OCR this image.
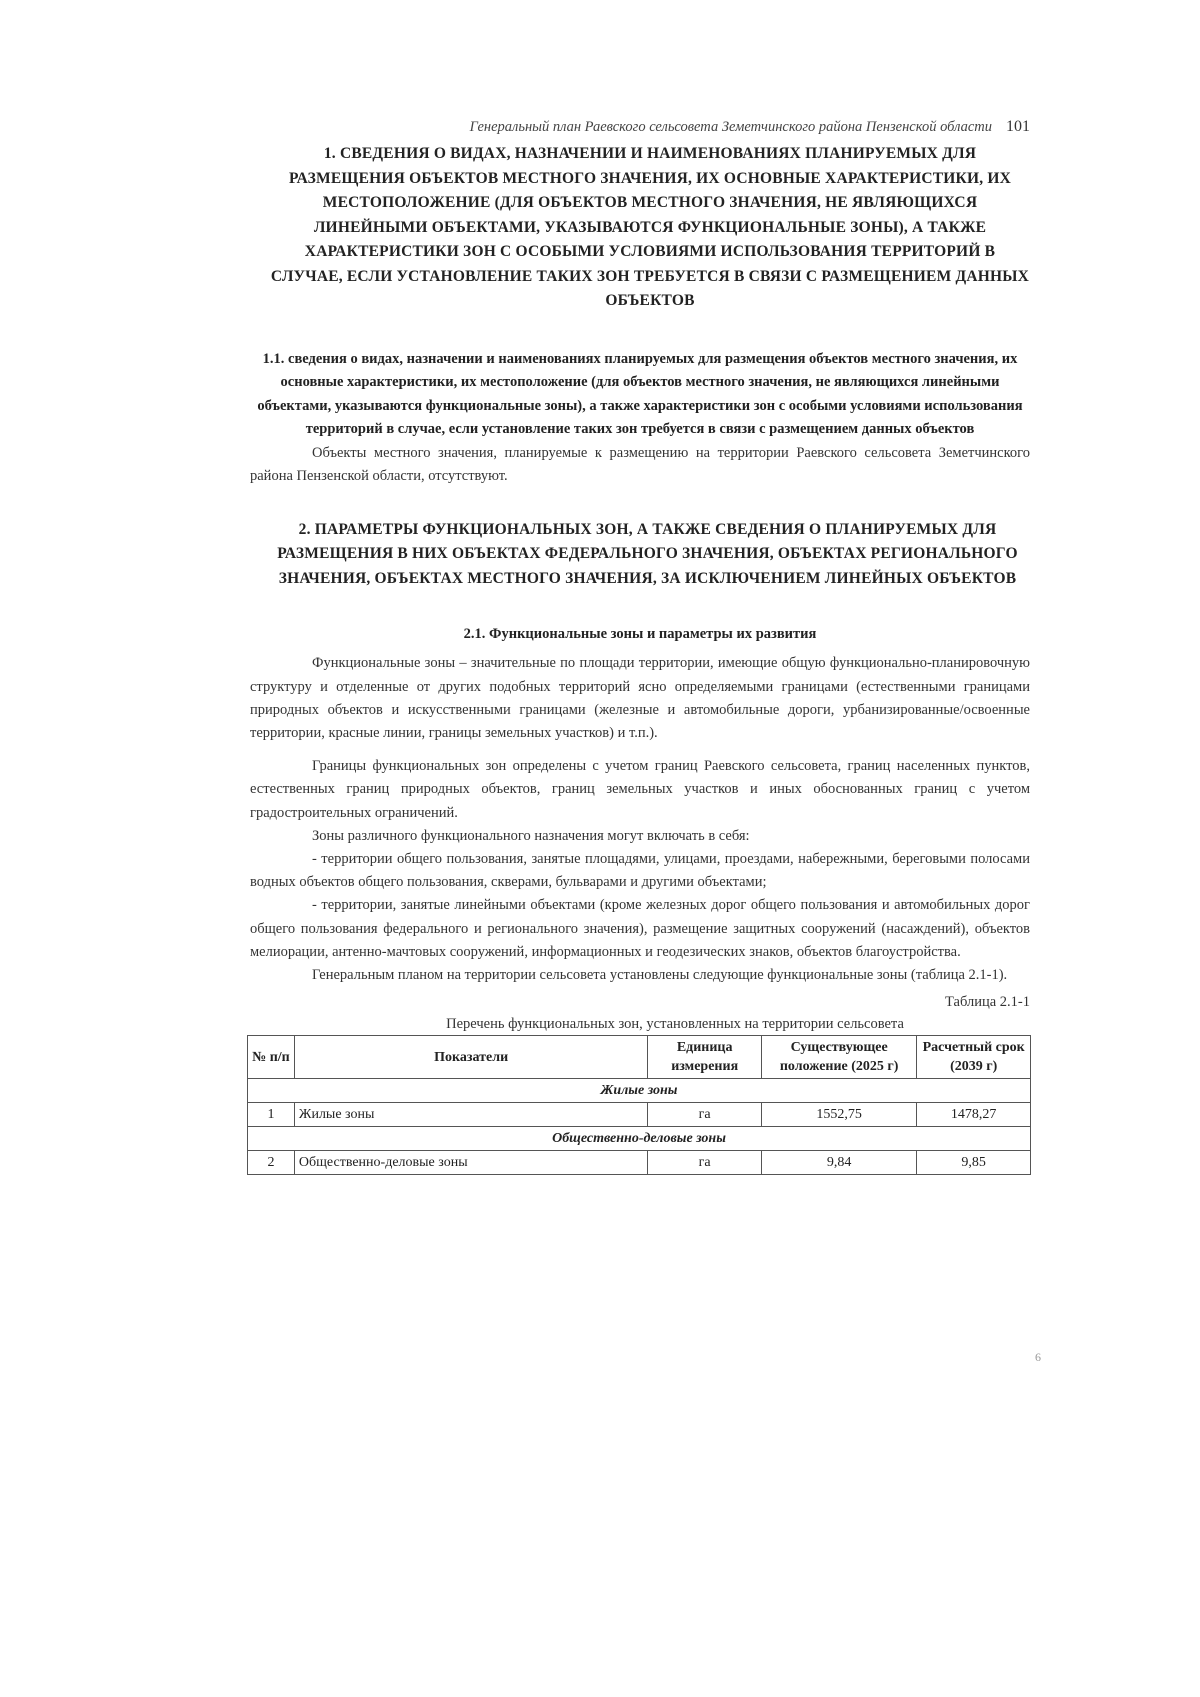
Генеральный план Раевского сельсовета Земетчинского района Пензенской области 101
1. СВЕДЕНИЯ О ВИДАХ, НАЗНАЧЕНИИ И НАИМЕНОВАНИЯХ ПЛАНИРУЕМЫХ ДЛЯ РАЗМЕЩЕНИЯ ОБЪЕКТОВ МЕСТНОГО ЗНАЧЕНИЯ, ИХ ОСНОВНЫЕ ХАРАКТЕРИСТИКИ, ИХ МЕСТОПОЛОЖЕНИЕ (ДЛЯ ОБЪЕКТОВ МЕСТНОГО ЗНАЧЕНИЯ, НЕ ЯВЛЯЮЩИХСЯ ЛИНЕЙНЫМИ ОБЪЕКТАМИ, УКАЗЫВАЮТСЯ ФУНКЦИОНАЛЬНЫЕ ЗОНЫ), А ТАКЖЕ ХАРАКТЕРИСТИКИ ЗОН С ОСОБЫМИ УСЛОВИЯМИ ИСПОЛЬЗОВАНИЯ ТЕРРИТОРИЙ В СЛУЧАЕ, ЕСЛИ УСТАНОВЛЕНИЕ ТАКИХ ЗОН ТРЕБУЕТСЯ В СВЯЗИ С РАЗМЕЩЕНИЕМ ДАННЫХ ОБЪЕКТОВ
1.1. сведения о видах, назначении и наименованиях планируемых для размещения объектов местного значения, их основные характеристики, их местоположение (для объектов местного значения, не являющихся линейными объектами, указываются функциональные зоны), а также характеристики зон с особыми условиями использования территорий в случае, если установление таких зон требуется в связи с размещением данных объектов

Объекты местного значения, планируемые к размещению на территории Раевского сельсовета Земетчинского района Пензенской области, отсутствуют.

2. ПАРАМЕТРЫ ФУНКЦИОНАЛЬНЫХ ЗОН, А ТАКЖЕ СВЕДЕНИЯ О ПЛАНИРУЕМЫХ ДЛЯ РАЗМЕЩЕНИЯ В НИХ ОБЪЕКТАХ ФЕДЕРАЛЬНОГО ЗНАЧЕНИЯ, ОБЪЕКТАХ РЕГИОНАЛЬНОГО ЗНАЧЕНИЯ, ОБЪЕКТАХ МЕСТНОГО ЗНАЧЕНИЯ, ЗА ИСКЛЮЧЕНИЕМ ЛИНЕЙНЫХ ОБЪЕКТОВ
2.1. Функциональные зоны и параметры их развития

Функциональные зоны – значительные по площади территории, имеющие общую функционально-планировочную структуру и отделенные от других подобных территорий ясно определяемыми границами (естественными границами природных объектов и искусственными границами (железные и автомобильные дороги, урбанизированные/освоенные территории, красные линии, границы земельных участков) и т.п.).

Границы функциональных зон определены с учетом границ Раевского сельсовета, границ населенных пунктов, естественных границ природных объектов, границ земельных участков и иных обоснованных границ с учетом градостроительных ограничений.

Зоны различного функционального назначения могут включать в себя:

- территории общего пользования, занятые площадями, улицами, проездами, набережными, береговыми полосами водных объектов общего пользования, скверами, бульварами и другими объектами;

- территории, занятые линейными объектами (кроме железных дорог общего пользования и автомобильных дорог общего пользования федерального и регионального значения), размещение защитных сооружений (насаждений), объектов мелиорации, антенно-мачтовых сооружений, информационных и геодезических знаков, объектов благоустройства.

Генеральным планом на территории сельсовета установлены следующие функциональные зоны (таблица 2.1-1).

Таблица 2.1-1
Перечень функциональных зон, установленных на территории сельсовета
№ п/п	Показатели	Единица измерения	Существующее положение (2025 г)	Расчетный срок (2039 г)
Жилые зоны				
1	Жилые зоны	га	1552,75	1478,27
Общественно-деловые зоны				
2	Общественно-деловые зоны	га	9,84	9,85
6
